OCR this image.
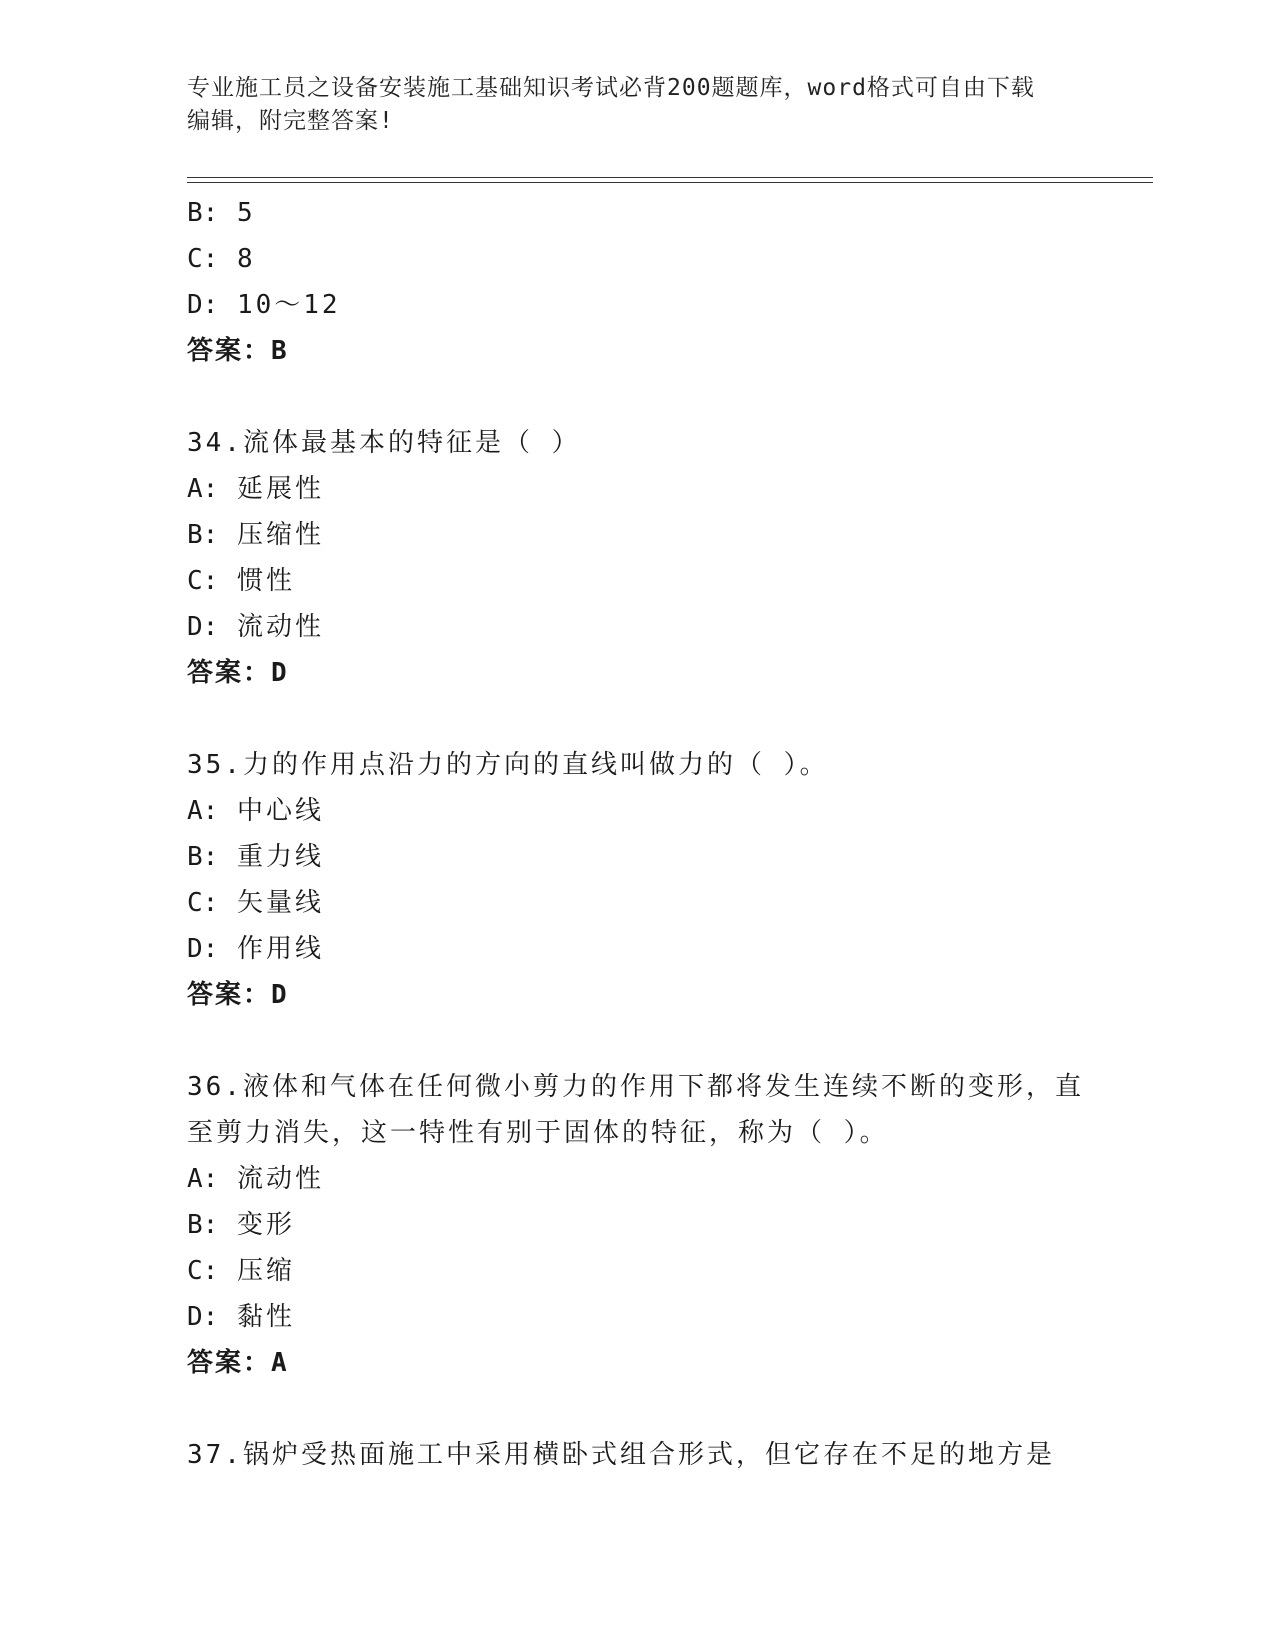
专业施工员之设备安装施工基础知识考试必背200题题库，word格式可自由下载
编辑，附完整答案!
B: 5
C: 8
D: 10～12
答案：B
34.流体最基本的特征是（ ）
A: 延展性
B: 压缩性
C: 惯性
D: 流动性
答案：D
35.力的作用点沿力的方向的直线叫做力的（ ）。
A: 中心线
B: 重力线
C: 矢量线
D: 作用线
答案：D
36.液体和气体在任何微小剪力的作用下都将发生连续不断的变形，直
至剪力消失，这一特性有别于固体的特征，称为（ ）。
A: 流动性
B: 变形
C: 压缩
D: 黏性
答案：A
37.锅炉受热面施工中采用横卧式组合形式，但它存在不足的地方是
